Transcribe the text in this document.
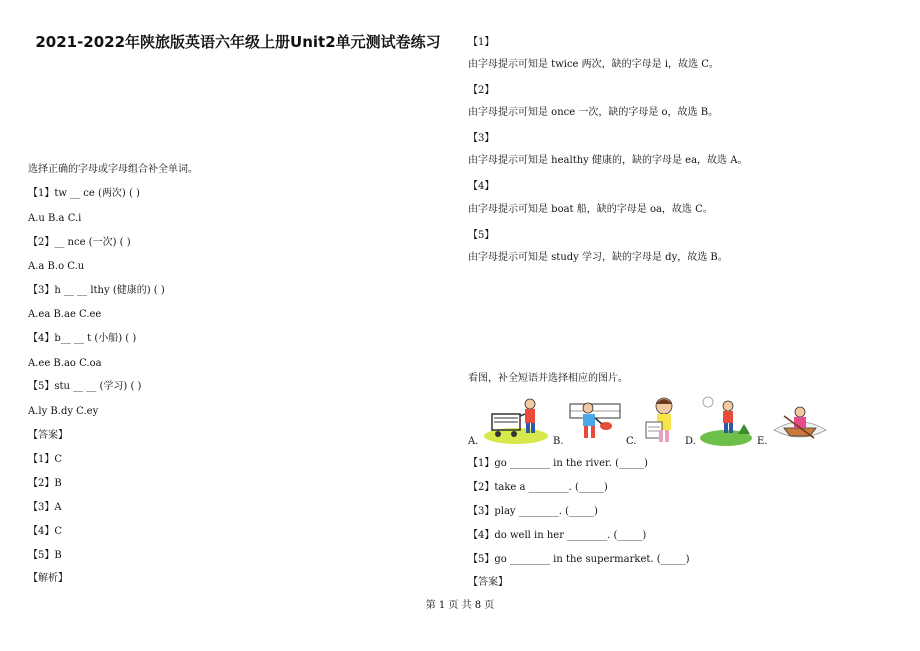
2021-2022年陕旅版英语六年级上册Unit2单元测试卷练习
选择正确的字母或字母组合补全单词。
【1】tw __ ce (两次) ( )
A.u B.a C.i
【2】__ nce (一次) ( )
A.a B.o C.u
【3】h __ __ lthy (健康的) ( )
A.ea B.ae C.ee
【4】b__ __ t (小船) ( )
A.ee B.ao C.oa
【5】stu __ __ (学习) ( )
A.ly B.dy C.ey
【答案】
【1】C
【2】B
【3】A
【4】C
【5】B
【解析】
【1】
由字母提示可知是 twice 两次，缺的字母是 i，故选 C。
【2】
由字母提示可知是 once 一次，缺的字母是 o，故选 B。
【3】
由字母提示可知是 healthy 健康的，缺的字母是 ea，故选 A。
【4】
由字母提示可知是 boat 船，缺的字母是 oa，故选 C。
【5】
由字母提示可知是 study 学习，缺的字母是 dy，故选 B。
看图，补全短语并选择相应的图片。
A.	B.	C.	D.	E.
【1】go ________ in the river. (_____)
【2】take a ________. (_____)
【3】play ________. (_____)
【4】do well in her ________. (_____)
【5】go ________ in the supermarket. (_____)
【答案】
第 1 页 共 8 页
